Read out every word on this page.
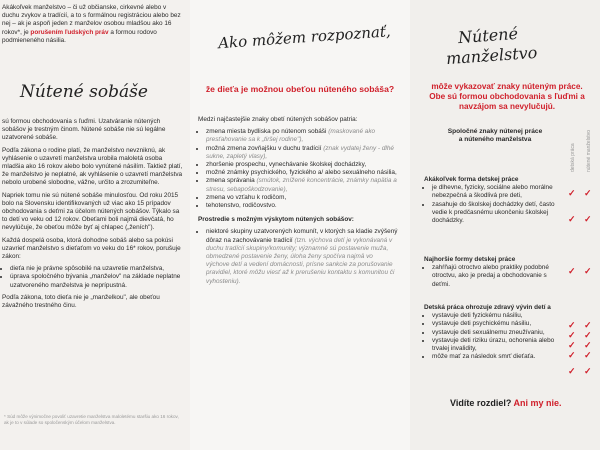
Akákoľvek manželstvo – či už občianske, cirkevné alebo v duchu zvykov a tradícií, a to s formálnou registráciou alebo bez nej – ak je aspoň jeden z manželov osobou mladšou ako 16 rokov*, je porušením ľudských práv a formou rodovo podmieneného násilia.
Nútené sobáše

sú formou obchodovania s ľuďmi. Uzatváranie nútených sobášov je trestným činom. Nútené sobáše nie sú legálne uzatvorené sobáše.

Podľa zákona o rodine platí, že manželstvo nevzniknú, ak vyhlásenie o uzavretí manželstva urobila maloletá osoba mladšia ako 16 rokov alebo bolo vynútené násilím. Taktiež platí, že manželstvo je neplatné, ak vyhlásenie o uzavretí manželstva nebolo urobené slobodne, vážne, určito a zrozumiteľne.

Napriek tomu nie sú nútené sobáše minulosťou. Od roku 2015 bolo na Slovensku identifikovaných už viac ako 15 prípadov obchodovania s deťmi za účelom nútených sobášov. Týkalo sa to detí vo veku od 12 rokov. Obeťami boli najmä dievčatá, ho nevylúčuje, že obeťou môže byť aj chlapec („ženích").

Každá dospelá osoba, ktorá dohodne sobáš alebo sa pokúsi uzavrieť manželstvo s dieťaťom vo veku do 16* rokov, porušuje zákon:

• dieťa nie je právne spôsobilé na uzavretie manželstva,
• úprava spoločného bývania „manželov" na základe neplatne uzatvoreného manželstva je neprípustná.

Podľa zákona, toto dieťa nie je „manželkou", ale obeťou závažného trestného činu.

* Súd môže výnimočne povoliť uzavretie manželstva maloletému staršiu ako 16 rokov, ak je to v súlade so spoločenským účelom manželstva.
Ako môžem rozpoznať,
že dieťa je možnou obeťou núteného sobáša?

Medzi najčastejšie znaky obetí nútených sobášov patria:

• zmena miesta bydliska po nútenom sobáši (maskované ako presťahovanie sa k „tiršej rodine"),
• možná zmena zovňajšku v duchu tradícií (znak vydatej ženy - dlhé sukne, zapletý vlasy),
• zhoršenie prospechu, vynechávanie školskej dochádzky,
• možné známky psychického, fyzického a/ alebo sexuálneho násilia,
• zmena správania (smútok, znížené koncentrácie, známky napätia a stresu, sebapoškodzovanie),
• zmena vo vzťahu k rodičom,
• tehotenstvo, rodičovstvo.

Prostredie s možným výskytom nútených sobášov:

• niektoré skupiny uzatvorených komunít, v ktorých sa kladie zvýšený dôraz na zachovávanie tradícií (tzn. výchova detí je vykonávaná v duchu tradícií skupiny/komunity; významné sú postavenie muža, obmedzené postavenie ženy, úloha ženy spočíva najmä vo výchove detí a vedení domácnosti, prísne sankcie za porušovanie pravidiel, ktoré môžu viesť až k prerušeniu kontaktu s komunitou či vyhosteniu).
Nútené
manželstvo
môže vykazovať znaky núteným práce.
Obe sú formou obchodovania s ľuďmi a navzájom sa nevylučujú.
Spoločné znaky nútenej práce
a núteného manželstva
detská práca nútené manželstvo
Akákoľvek forma detskej práce
• je dlhevne, fyzicky, sociálne alebo morálne nebezpečná a škodlivá pre deti,
• zasahuje do školskej dochádzky detí, často vedie k predčasnému ukončeniu školskej dochádzky.
✓ ✓
✓ ✓
Najhoršie formy detskej práce
• zahŕňajú otroctvo alebo praktiky podobné otroctvu, ako je predaj a obchodovanie s deťmi.
✓ ✓
Detská práca ohrozuje zdravý vývin detí a
• vystavuje deti fyzickému násiliu,
• vystavuje deti psychickému násiliu,
• vystavuje deti sexuálnemu zneužívaniu,
• vystavuje deti riziku úrazu, ochorenia alebo trvalej invalidity,
• môže mať za následok smrť dieťaťa.
✓ ✓
✓ ✓
✓ ✓
✓ ✓
✓ ✓
Vidíte rozdiel? Ani my nie.
